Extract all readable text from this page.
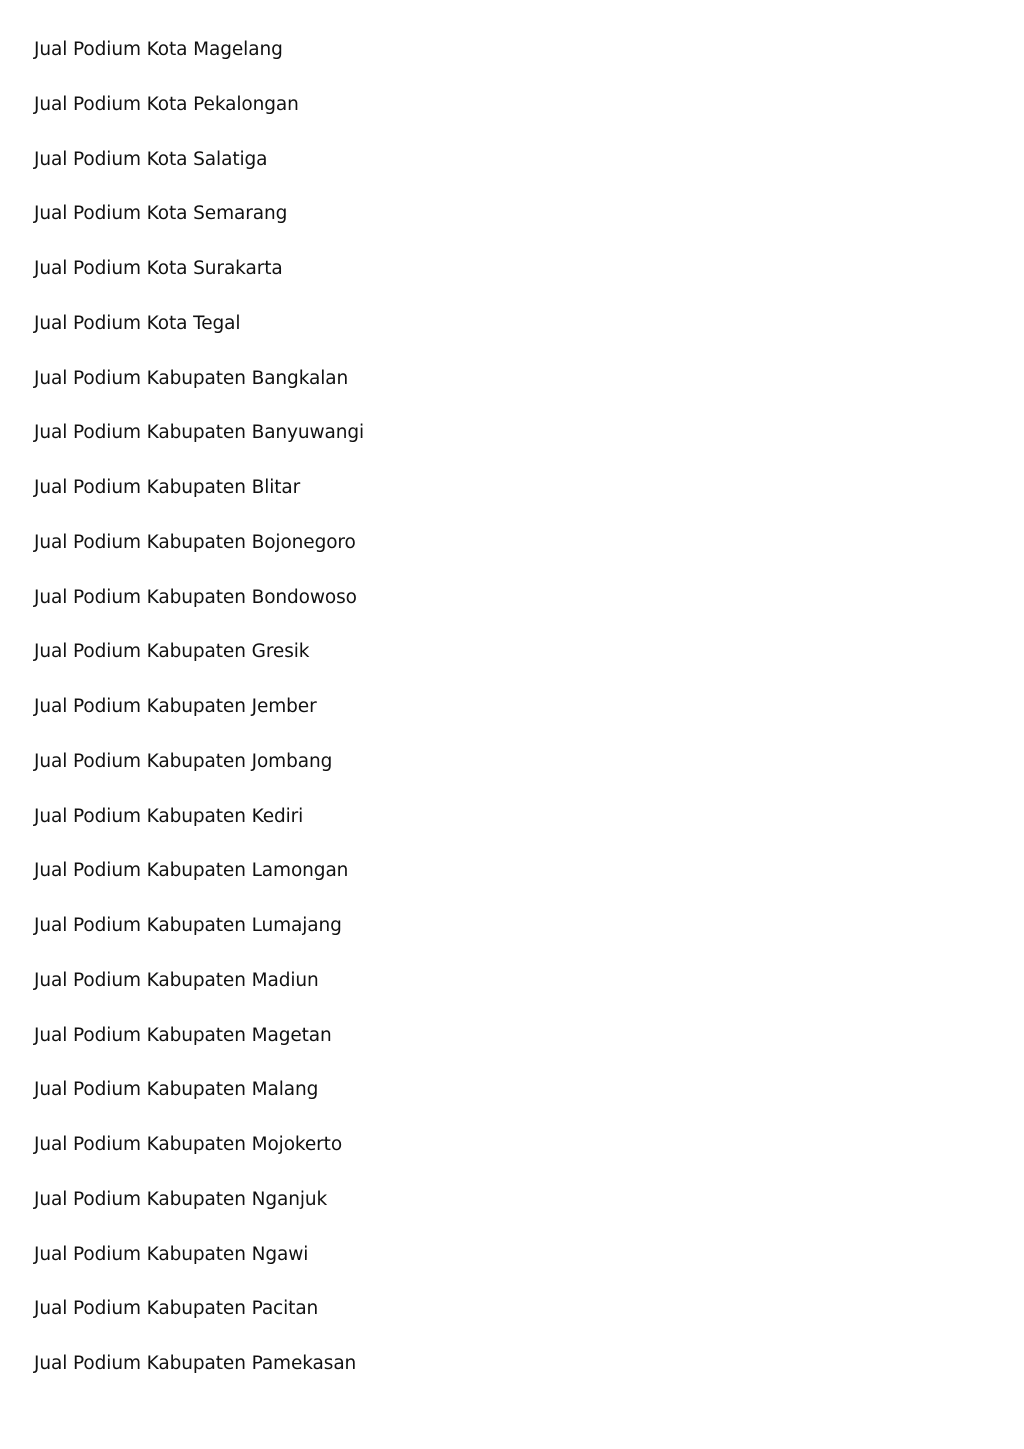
Jual Podium Kota Magelang
Jual Podium Kota Pekalongan
Jual Podium Kota Salatiga
Jual Podium Kota Semarang
Jual Podium Kota Surakarta
Jual Podium Kota Tegal
Jual Podium Kabupaten Bangkalan
Jual Podium Kabupaten Banyuwangi
Jual Podium Kabupaten Blitar
Jual Podium Kabupaten Bojonegoro
Jual Podium Kabupaten Bondowoso
Jual Podium Kabupaten Gresik
Jual Podium Kabupaten Jember
Jual Podium Kabupaten Jombang
Jual Podium Kabupaten Kediri
Jual Podium Kabupaten Lamongan
Jual Podium Kabupaten Lumajang
Jual Podium Kabupaten Madiun
Jual Podium Kabupaten Magetan
Jual Podium Kabupaten Malang
Jual Podium Kabupaten Mojokerto
Jual Podium Kabupaten Nganjuk
Jual Podium Kabupaten Ngawi
Jual Podium Kabupaten Pacitan
Jual Podium Kabupaten Pamekasan
